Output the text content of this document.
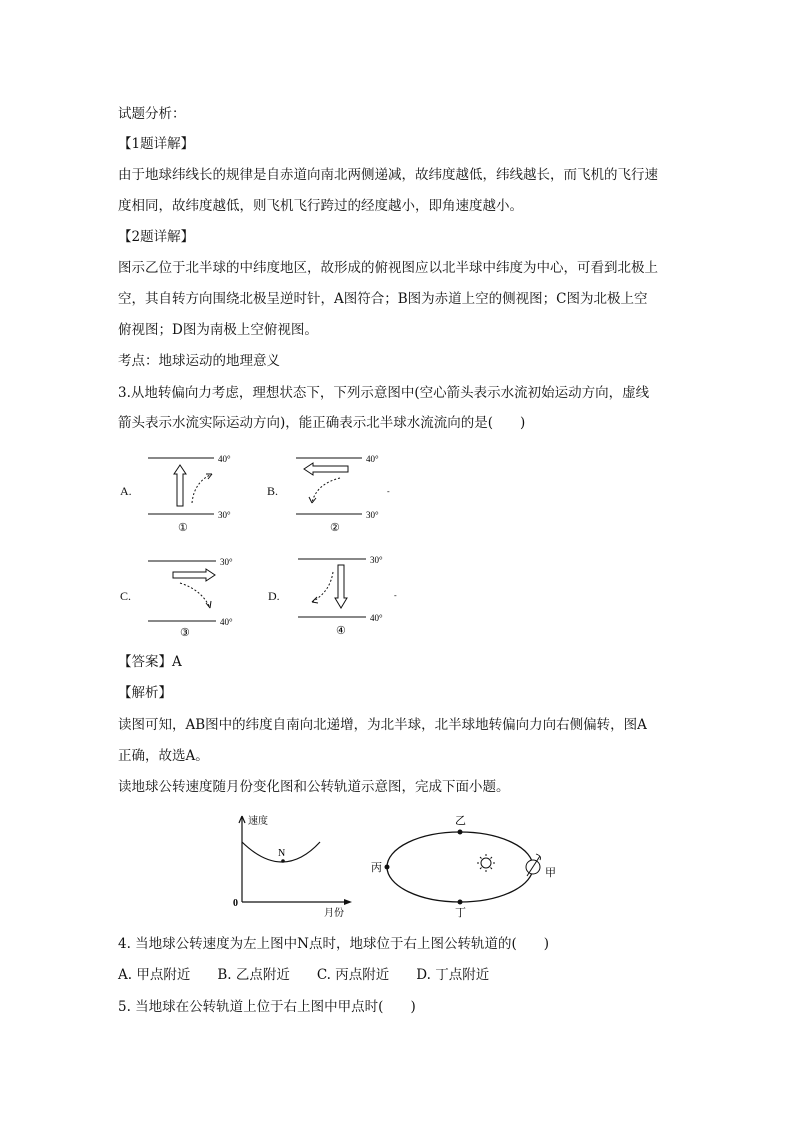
试题分析：
【1题详解】
由于地球纬线长的规律是自赤道向南北两侧递减，故纬度越低，纬线越长，而飞机的飞行速
度相同，故纬度越低，则飞机飞行跨过的经度越小，即角速度越小。
【2题详解】
图示乙位于北半球的中纬度地区，故形成的俯视图应以北半球中纬度为中心，可看到北极上
空，其自转方向围绕北极呈逆时针，A图符合；B图为赤道上空的侧视图；C图为北极上空
俯视图；D图为南极上空俯视图。
考点：地球运动的地理意义
3.从地转偏向力考虑，理想状态下，下列示意图中(空心箭头表示水流初始运动方向，虚线
箭头表示水流实际运动方向)，能正确表示北半球水流流向的是(　　)
A.
40°
30°
①
B.
40°
30°
②
-
C.
30°
40°
③
D.
30°
40°
④
-
【答案】A
【解析】
读图可知，AB图中的纬度自南向北递增，为北半球，北半球地转偏向力向右侧偏转，图A
正确，故选A。
读地球公转速度随月份变化图和公转轨道示意图，完成下面小题。
速度
月份
0
N
乙
丙	甲
丁
4. 当地球公转速度为左上图中N点时，地球位于右上图公转轨道的(　　)
A. 甲点附近　　B. 乙点附近　　C. 丙点附近　　D. 丁点附近
5. 当地球在公转轨道上位于右上图中甲点时(　　)
